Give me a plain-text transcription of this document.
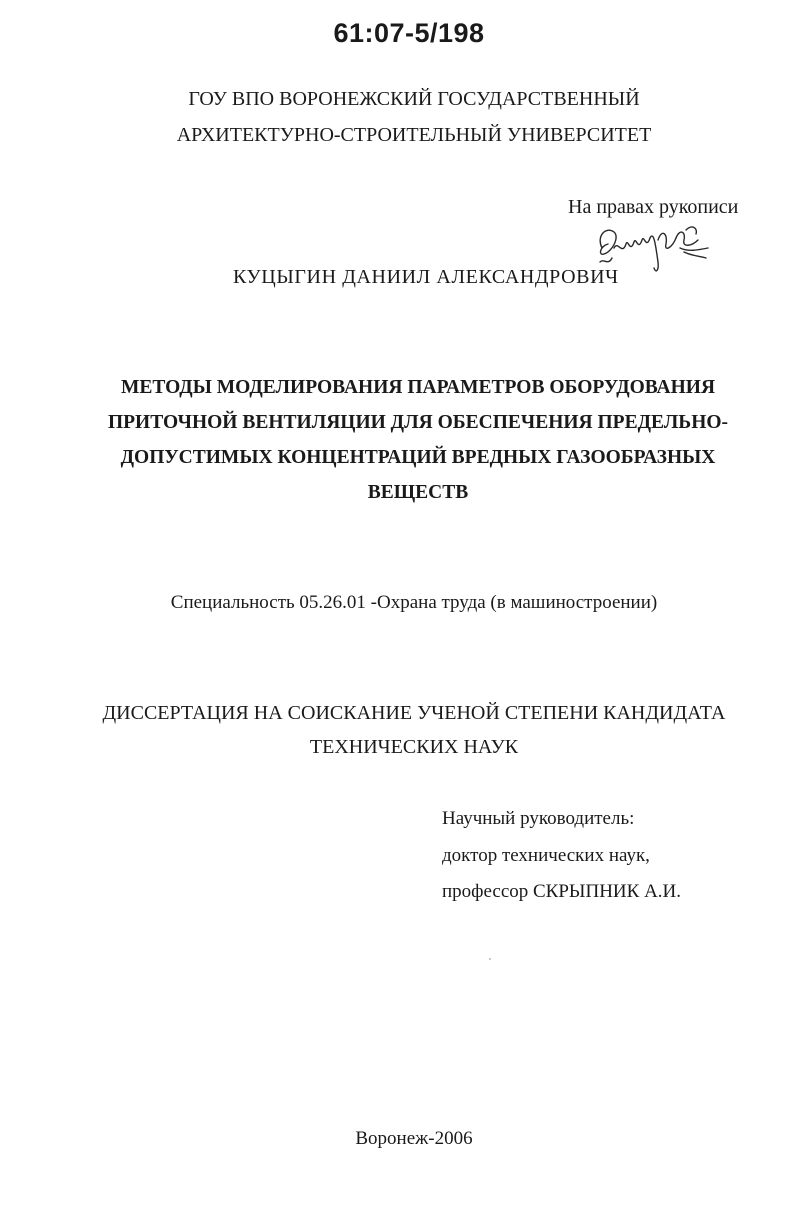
61:07-5/198
ГОУ ВПО ВОРОНЕЖСКИЙ ГОСУДАРСТВЕННЫЙ
АРХИТЕКТУРНО-СТРОИТЕЛЬНЫЙ УНИВЕРСИТЕТ
На правах рукописи
КУЦЫГИН ДАНИИЛ АЛЕКСАНДРОВИЧ
МЕТОДЫ МОДЕЛИРОВАНИЯ ПАРАМЕТРОВ ОБОРУДОВАНИЯ
ПРИТОЧНОЙ ВЕНТИЛЯЦИИ ДЛЯ ОБЕСПЕЧЕНИЯ ПРЕДЕЛЬНО-
ДОПУСТИМЫХ КОНЦЕНТРАЦИЙ ВРЕДНЫХ ГАЗООБРАЗНЫХ
ВЕЩЕСТВ
Специальность 05.26.01 -Охрана труда (в машиностроении)
ДИССЕРТАЦИЯ НА СОИСКАНИЕ УЧЕНОЙ СТЕПЕНИ КАНДИДАТА
ТЕХНИЧЕСКИХ НАУК
Научный руководитель:
доктор технических наук,
профессор СКРЫПНИК А.И.
Воронеж-2006
